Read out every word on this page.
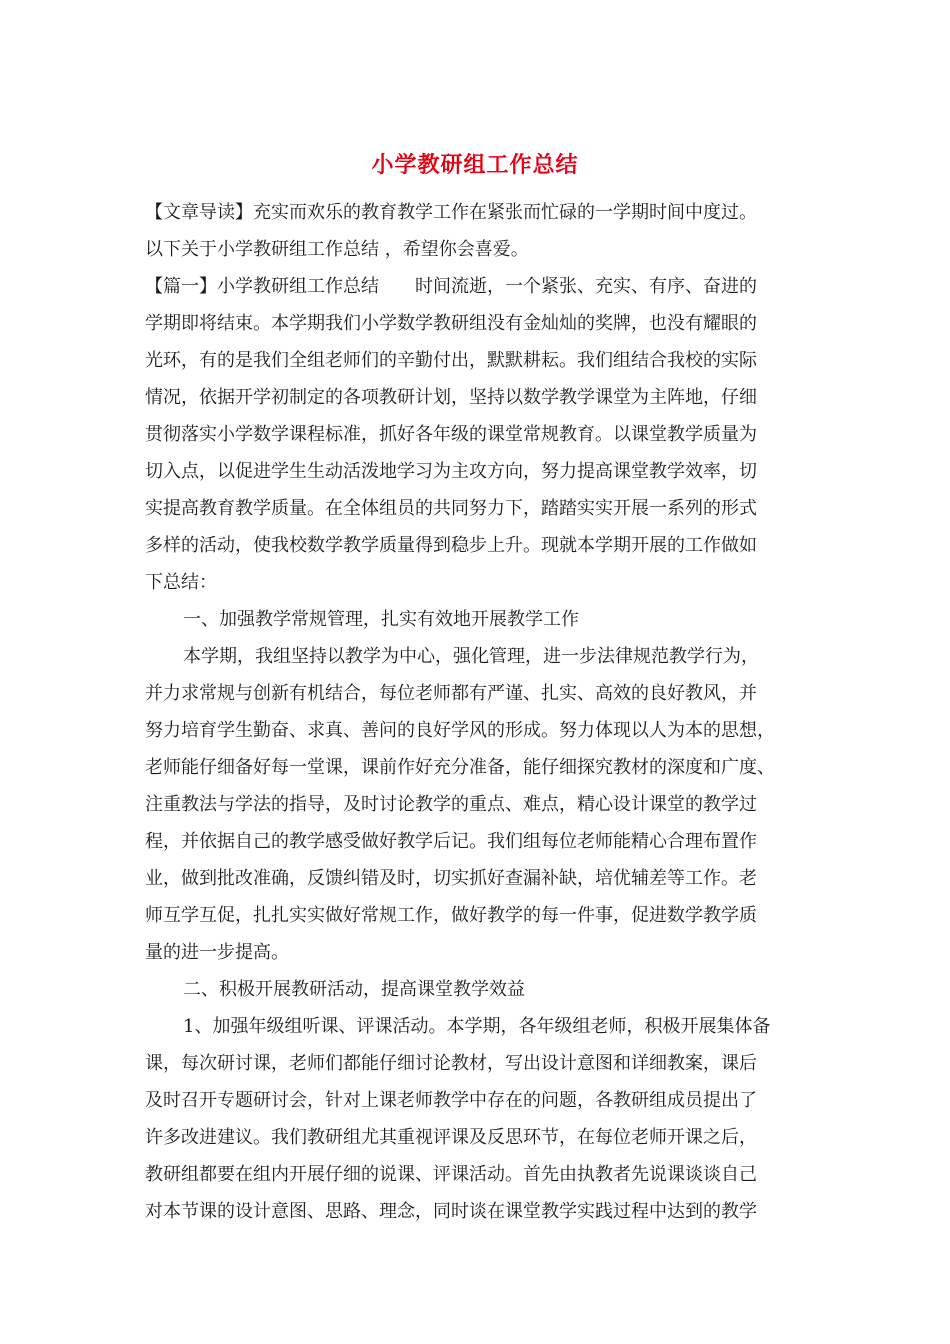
小学教研组工作总结
【文章导读】充实而欢乐的教育教学工作在紧张而忙碌的一学期时间中度过。
以下关于小学教研组工作总结 ，希望你会喜爱。
【篇一】小学教研组工作总结 时间流逝，一个紧张、充实、有序、奋进的
学期即将结束。本学期我们小学数学教研组没有金灿灿的奖牌，也没有耀眼的
光环，有的是我们全组老师们的辛勤付出，默默耕耘。我们组结合我校的实际
情况，依据开学初制定的各项教研计划，坚持以数学教学课堂为主阵地，仔细
贯彻落实小学数学课程标准，抓好各年级的课堂常规教育。以课堂教学质量为
切入点，以促进学生生动活泼地学习为主攻方向，努力提高课堂教学效率，切
实提高教育教学质量。在全体组员的共同努力下，踏踏实实开展一系列的形式
多样的活动，使我校数学教学质量得到稳步上升。现就本学期开展的工作做如
下总结：
一、加强教学常规管理，扎实有效地开展教学工作
本学期，我组坚持以教学为中心，强化管理，进一步法律规范教学行为，
并力求常规与创新有机结合，每位老师都有严谨、扎实、高效的良好教风，并
努力培育学生勤奋、求真、善问的良好学风的形成。努力体现以人为本的思想，
老师能仔细备好每一堂课，课前作好充分准备，能仔细探究教材的深度和广度、
注重教法与学法的指导，及时讨论教学的重点、难点，精心设计课堂的教学过
程，并依据自己的教学感受做好教学后记。我们组每位老师能精心合理布置作
业，做到批改准确，反馈纠错及时，切实抓好查漏补缺，培优辅差等工作。老
师互学互促，扎扎实实做好常规工作，做好教学的每一件事，促进数学教学质
量的进一步提高。
二、积极开展教研活动，提高课堂教学效益
1、加强年级组听课、评课活动。本学期，各年级组老师，积极开展集体备
课，每次研讨课，老师们都能仔细讨论教材，写出设计意图和详细教案，课后
及时召开专题研讨会，针对上课老师教学中存在的问题，各教研组成员提出了
许多改进建议。我们教研组尤其重视评课及反思环节，在每位老师开课之后，
教研组都要在组内开展仔细的说课、评课活动。首先由执教者先说课谈谈自己
对本节课的设计意图、思路、理念，同时谈在课堂教学实践过程中达到的教学
